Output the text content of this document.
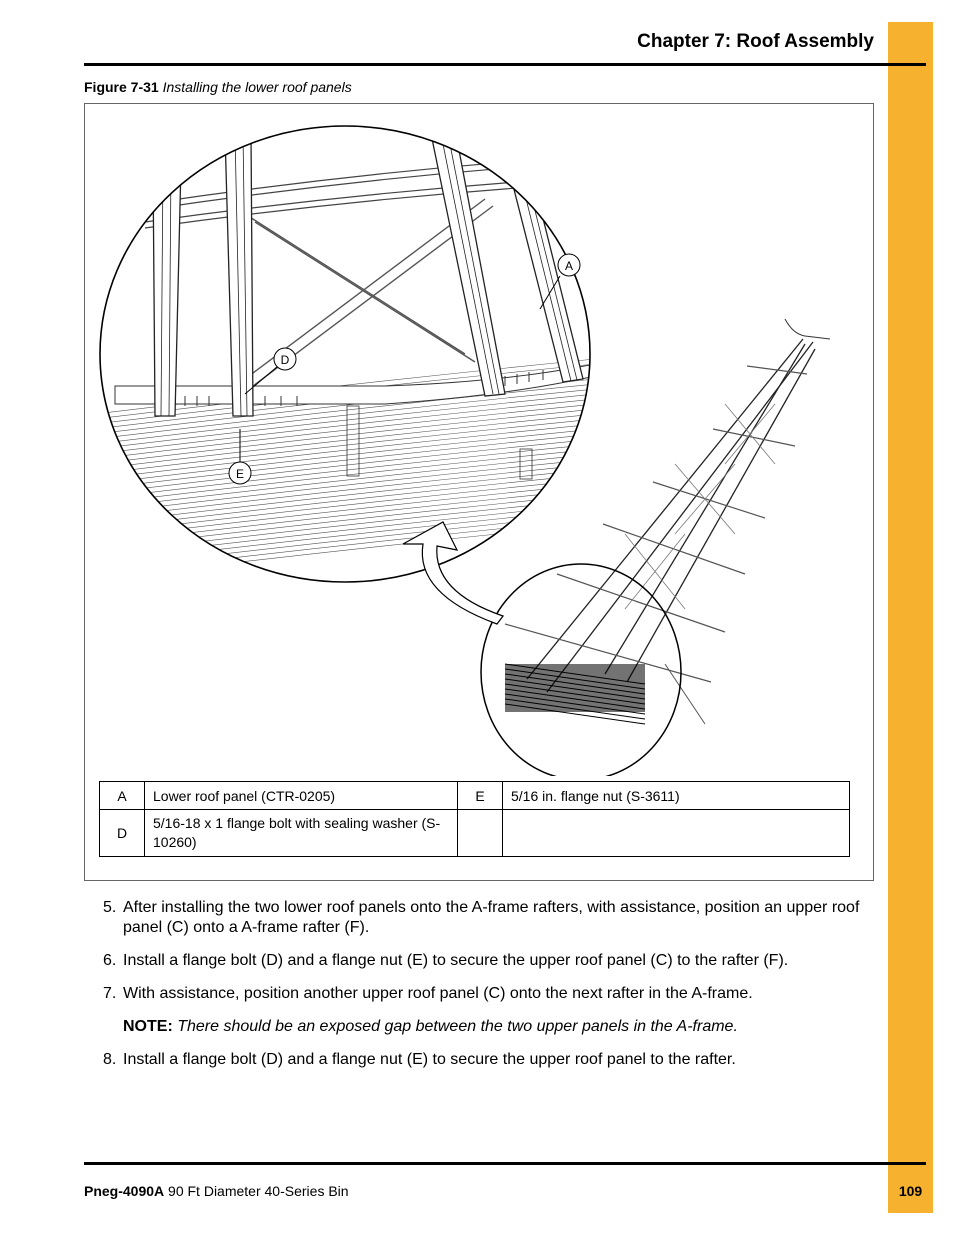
Chapter 7: Roof Assembly
Figure 7-31 Installing the lower roof panels
A
D
E
A	Lower roof panel (CTR-0205)	E	5/16 in. flange nut (S-3611)
D	5/16-18 x 1 flange bolt with sealing washer (S-10260)		
5. After installing the two lower roof panels onto the A-frame rafters, with assistance, position an upper roof panel (C) onto a A-frame rafter (F).
6. Install a flange bolt (D) and a flange nut (E) to secure the upper roof panel (C) to the rafter (F).
7. With assistance, position another upper roof panel (C) onto the next rafter in the A-frame.
NOTE: There should be an exposed gap between the two upper panels in the A-frame.
8. Install a flange bolt (D) and a flange nut (E) to secure the upper roof panel to the rafter.
Pneg-4090A 90 Ft Diameter 40-Series Bin	109
